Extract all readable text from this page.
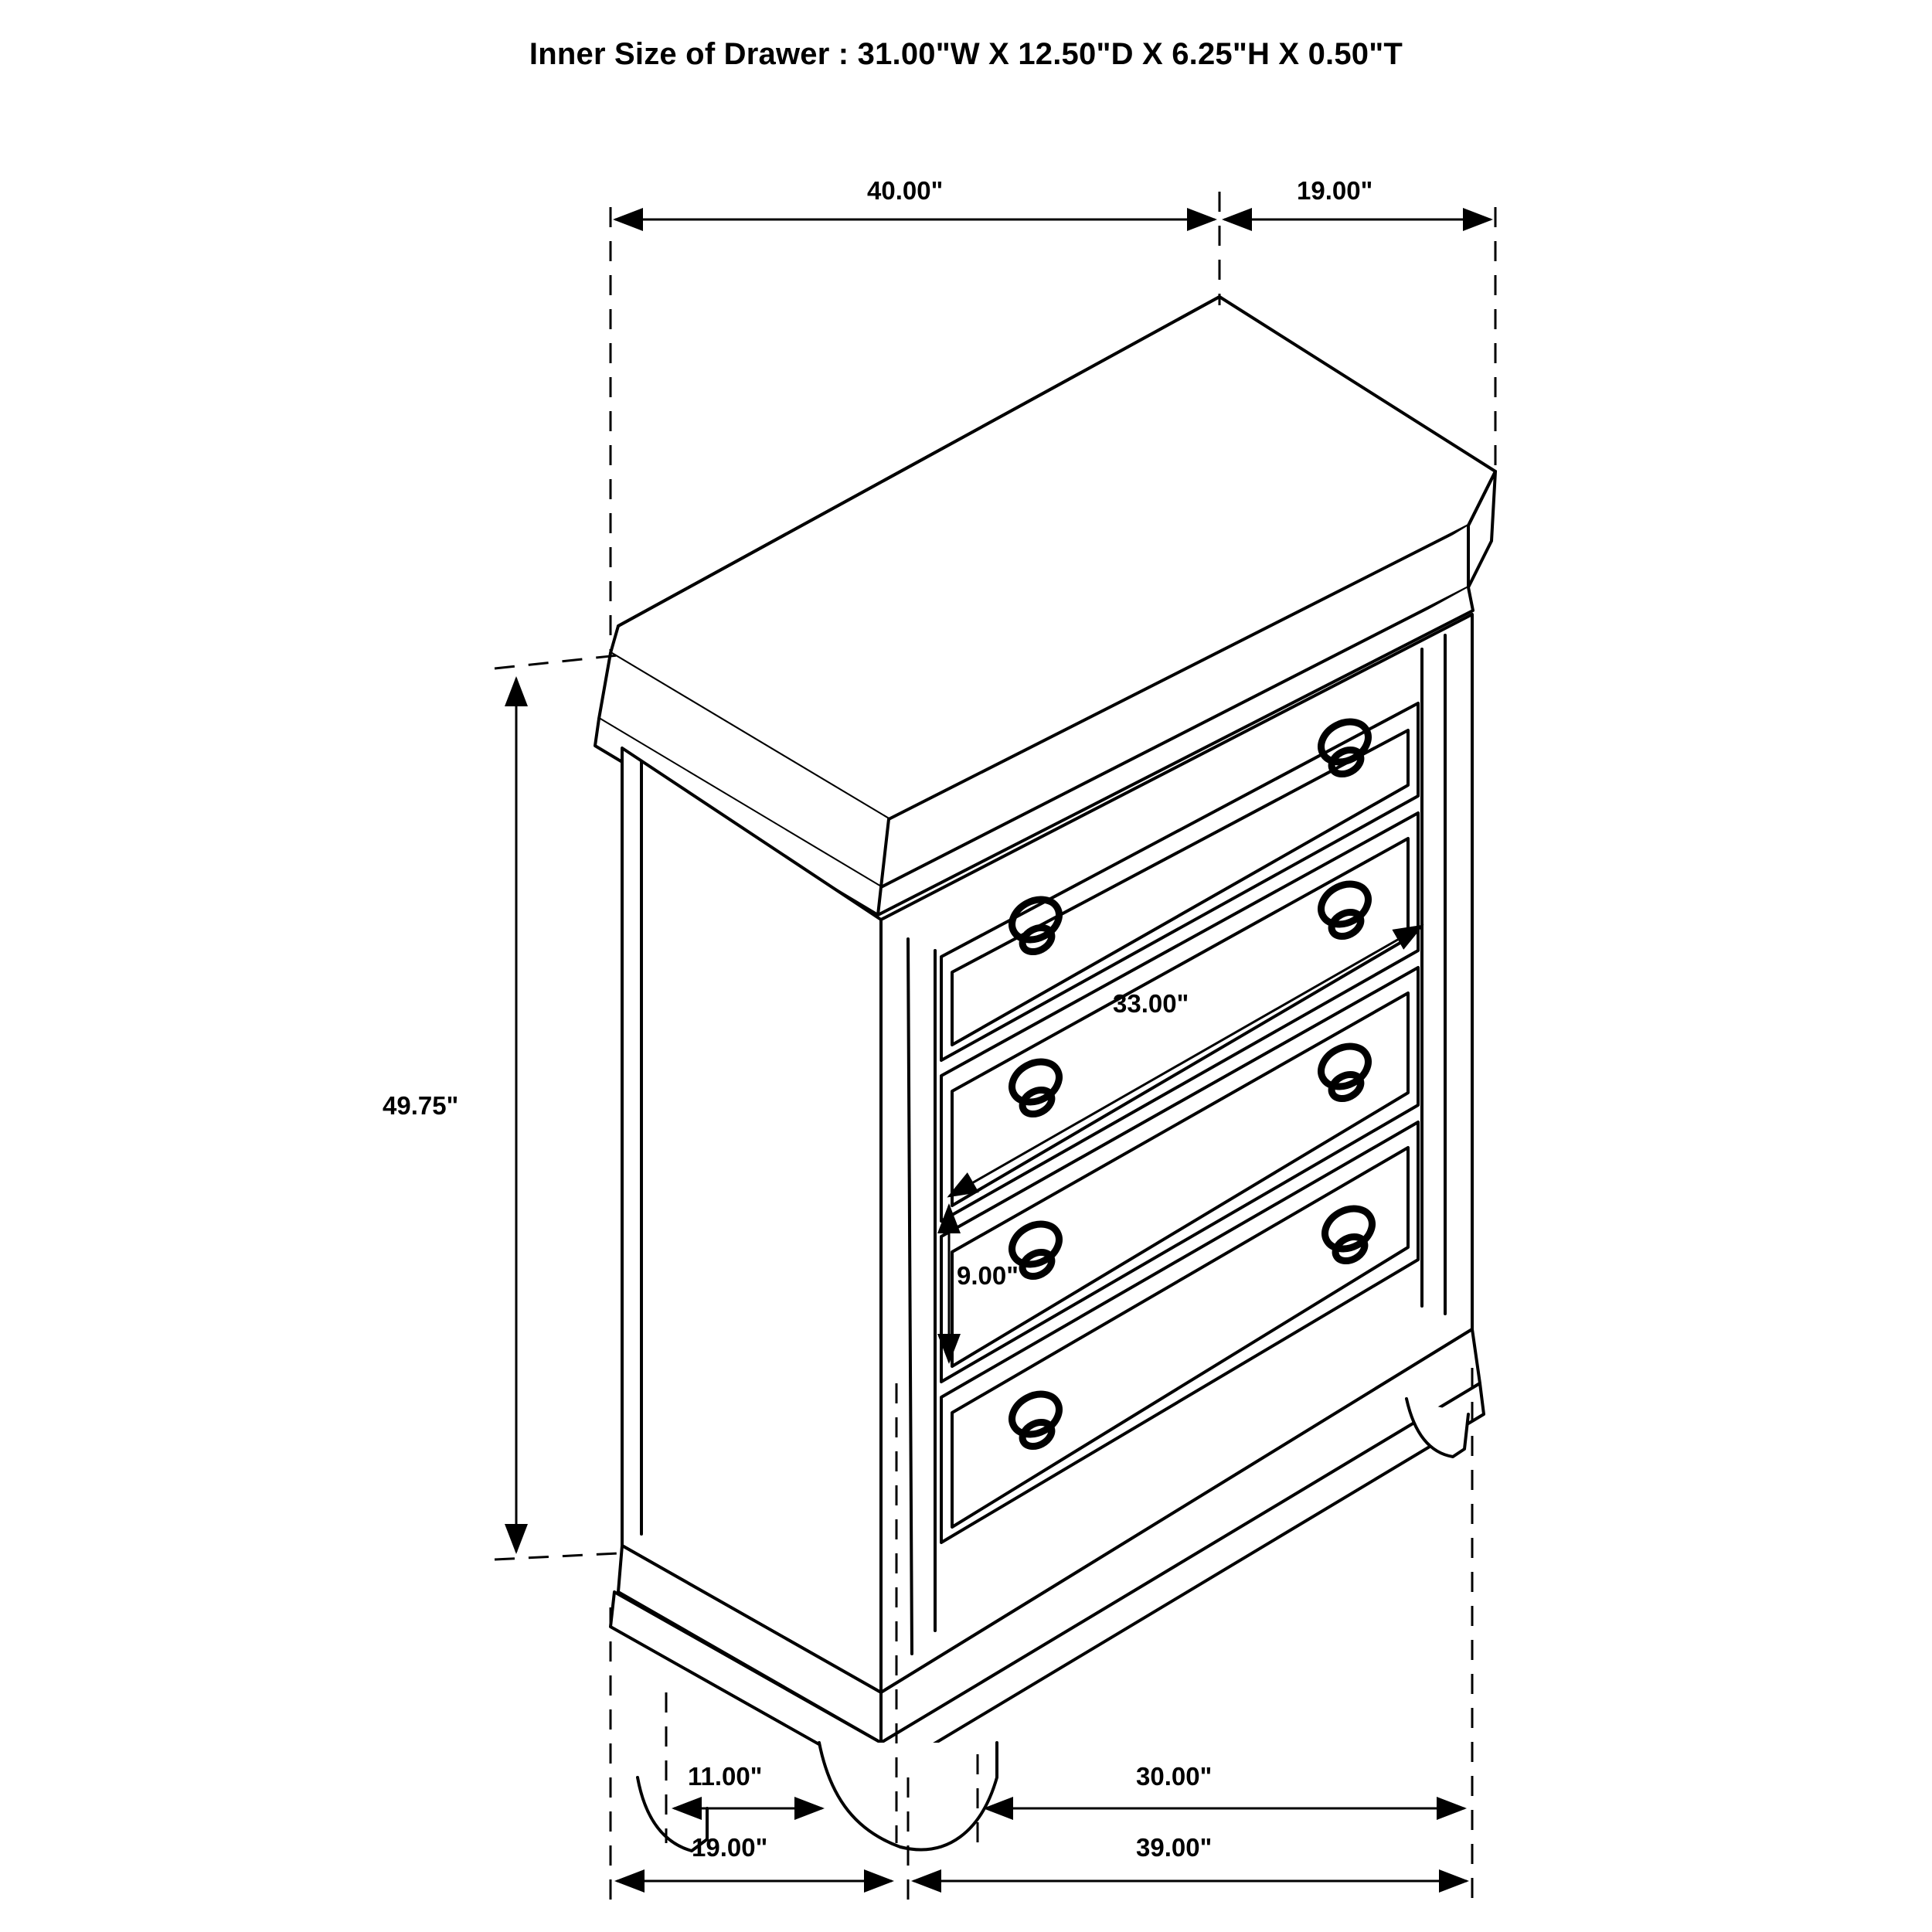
Inner Size of Drawer : 31.00"W X 12.50"D X 6.25"H X 0.50"T
40.00"	19.00"
49.75"
33.00"
9.00"
11.00"	30.00"
19.00"	39.00"
